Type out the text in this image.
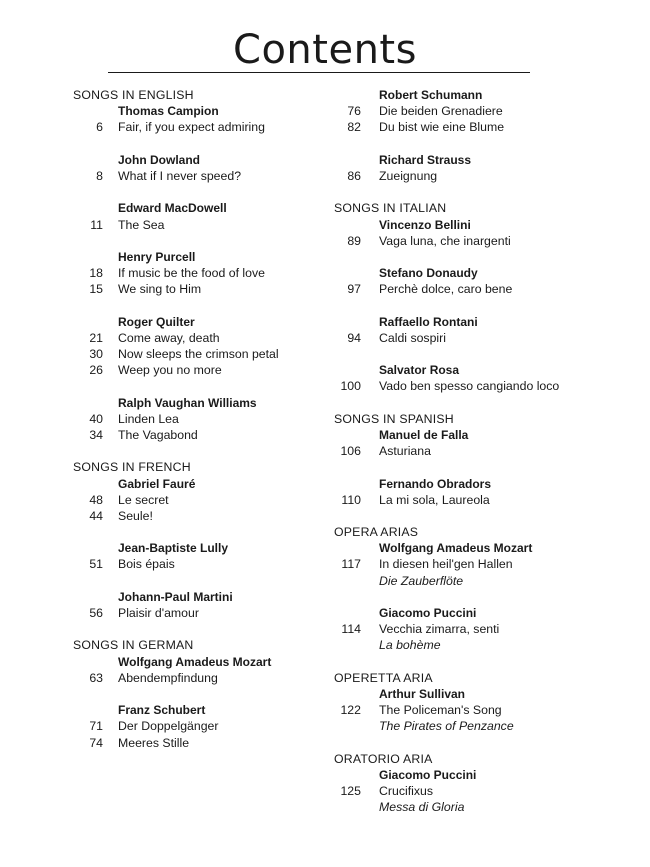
Contents
SONGS IN ENGLISH
Thomas Campion
6 Fair, if you expect admiring
John Dowland
8 What if I never speed?
Edward MacDowell
11 The Sea
Henry Purcell
18 If music be the food of love
15 We sing to Him
Roger Quilter
21 Come away, death
30 Now sleeps the crimson petal
26 Weep you no more
Ralph Vaughan Williams
40 Linden Lea
34 The Vagabond
SONGS IN FRENCH
Gabriel Fauré
48 Le secret
44 Seule!
Jean-Baptiste Lully
51 Bois épais
Johann-Paul Martini
56 Plaisir d'amour
SONGS IN GERMAN
Wolfgang Amadeus Mozart
63 Abendempfindung
Franz Schubert
71 Der Doppelgänger
74 Meeres Stille
Robert Schumann
76 Die beiden Grenadiere
82 Du bist wie eine Blume
Richard Strauss
86 Zueignung
SONGS IN ITALIAN
Vincenzo Bellini
89 Vaga luna, che inargenti
Stefano Donaudy
97 Perchè dolce, caro bene
Raffaello Rontani
94 Caldi sospiri
Salvator Rosa
100 Vado ben spesso cangiando loco
SONGS IN SPANISH
Manuel de Falla
106 Asturiana
Fernando Obradors
110 La mi sola, Laureola
OPERA ARIAS
Wolfgang Amadeus Mozart
117 In diesen heil'gen Hallen
Die Zauberflöte
Giacomo Puccini
114 Vecchia zimarra, senti
La bohème
OPERETTA ARIA
Arthur Sullivan
122 The Policeman's Song
The Pirates of Penzance
ORATORIO ARIA
Giacomo Puccini
125 Crucifixus
Messa di Gloria
